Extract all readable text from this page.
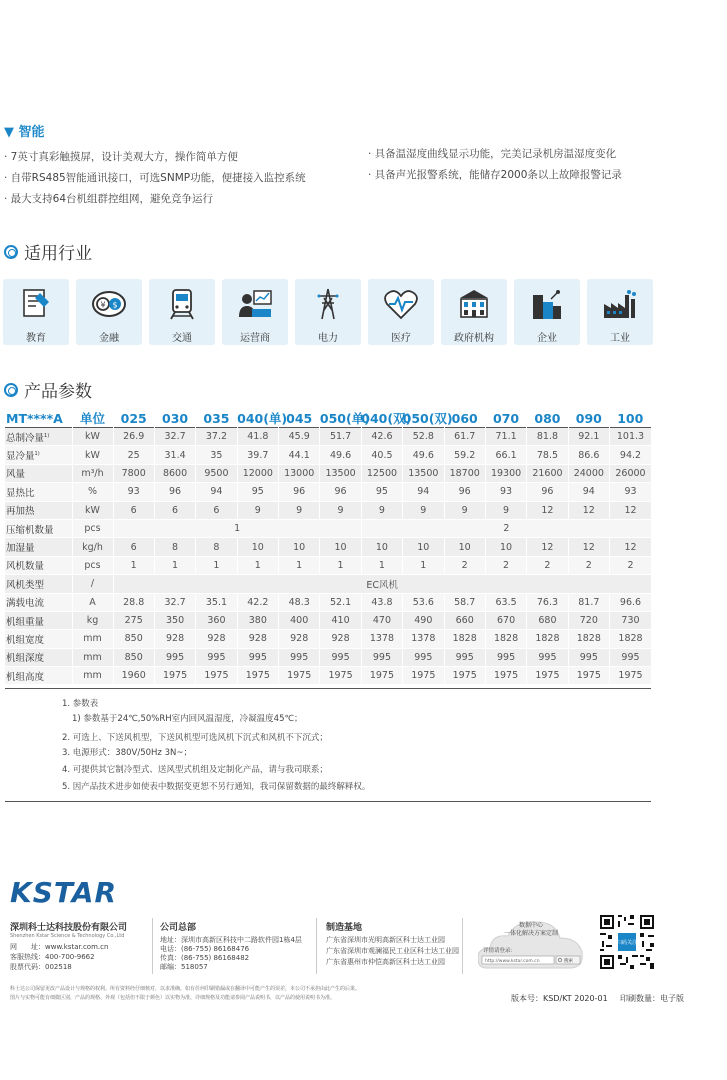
▼ 智能
· 7英寸真彩触摸屏，设计美观大方，操作简单方便
· 自带RS485智能通讯接口，可选SNMP功能，便捷接入监控系统
· 最大支持64台机组群控组网，避免竞争运行
· 具备温湿度曲线显示功能，完美记录机房温湿度变化
· 具备声光报警系统，能储存2000条以上故障报警记录
适用行业
教育
¥ $
金融	交通	运营商	电力	医疗	政府机构	企业	工业
产品参数
MT****A	单位	025	030	035	040(单)	045	050(单)	040(双)	050(双)	060	070	080	090	100
总制冷量$^{1)}$	kW	26.9	32.7	37.2	41.8	45.9	51.7	42.6	52.8	61.7	71.1	81.8	92.1	101.3
显冷量$^{1)}$	kW	25	31.4	35	39.7	44.1	49.6	40.5	49.6	59.2	66.1	78.5	86.6	94.2
风量	m³/h	7800	8600	9500	12000	13000	13500	12500	13500	18700	19300	21600	24000	26000
显热比	%	93	96	94	95	96	96	95	94	96	93	96	94	93
再加热	kW	6	6	6	9	9	9	9	9	9	9	12	12	12
压缩机数量	pcs	1						2						
加湿量	kg/h	6	8	8	10	10	10	10	10	10	10	12	12	12
风机数量	pcs	1	1	1	1	1	1	1	1	2	2	2	2	2
风机类型	/	EC风机												
满载电流	A	28.8	32.7	35.1	42.2	48.3	52.1	43.8	53.6	58.7	63.5	76.3	81.7	96.6
机组重量	kg	275	350	360	380	400	410	470	490	660	670	680	720	730
机组宽度	mm	850	928	928	928	928	928	1378	1378	1828	1828	1828	1828	1828
机组深度	mm	850	995	995	995	995	995	995	995	995	995	995	995	995
机组高度	mm	1960	1975	1975	1975	1975	1975	1975	1975	1975	1975	1975	1975	1975
1. 参数表
1) 参数基于24℃,50%RH室内回风温湿度，冷凝温度45℃；
2. 可选上、下送风机型，下送风机型可选风机下沉式和风机不下沉式；
3. 电源形式：380V/50Hz 3N~；
4. 可提供其它制冷型式、送风型式机组及定制化产品，请与我司联系；
5. 因产品技术进步如使表中数据变更恕不另行通知，我司保留数据的最终解释权。
KSTAR
深圳科士达科技股份有限公司
Shenzhen Kstar Science & Technology Co.,Ltd
网　　址：www.kstar.com.cn
客服热线：400-700-9662
股票代码：002518
公司总部
地址：深圳市高新区科技中二路软件园1栋4层
电话：(86-755) 86168476
传真：(86-755) 86168482
邮编：518057
制造基地
广东省深圳市光明高新区科士达工业园
广东省深圳市观澜福民工业区科士达工业园
广东省惠州市仲恺高新区科士达工业园
数据中心
一体化解决方案定制
详情请登录：
http://www.kstar.com.cn	搜索
扫码关注
科士达公司保留更改产品设计与规格的权利。所有资料经仔细核对，以求准确。如有任何印刷错漏或在翻译中可能产生的误差，本公司不承担由此产生的后果。
图片与实物可能有细微区别，产品的规格、外观（包括但不限于颜色）以实物为准。详细规格及功能请参阅产品说明书，以产品的使用说明书为准。	版本号：KSD/KT 2020-01 印刷数量：电子版
